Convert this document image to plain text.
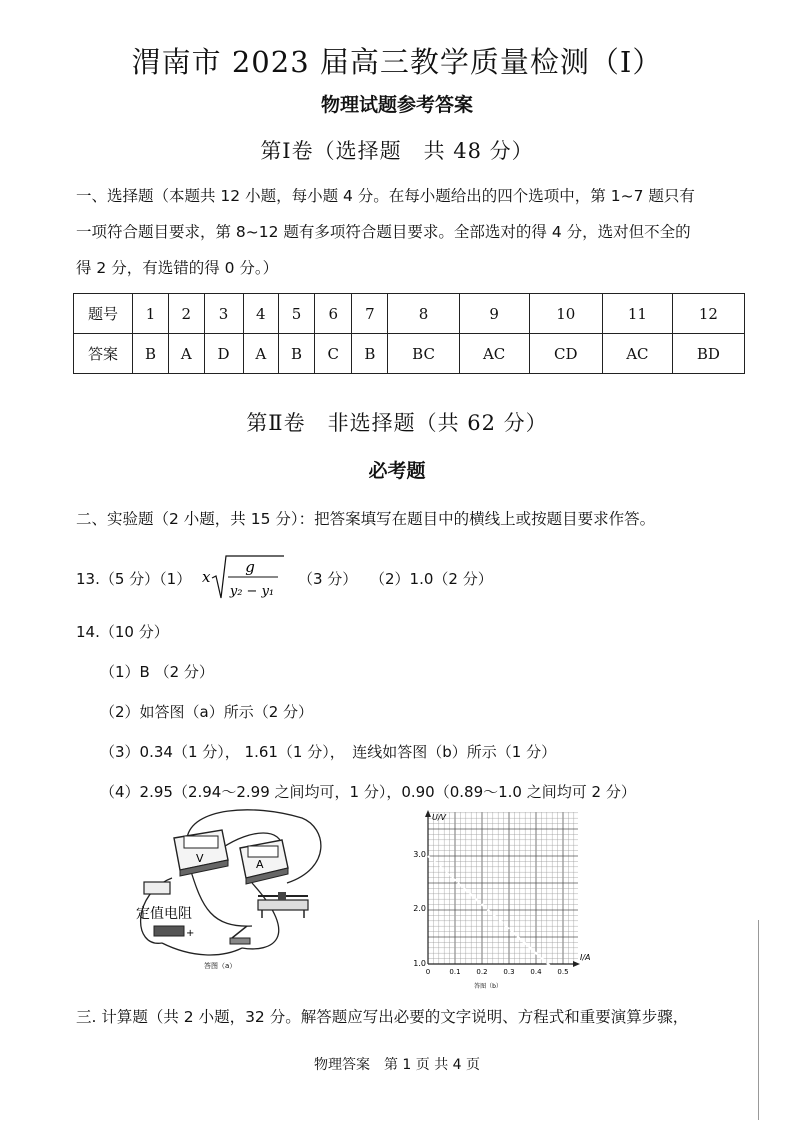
渭南市 2023 届高三教学质量检测（Ⅰ）
物理试题参考答案
第Ⅰ卷（选择题　共 48 分）
一、选择题（本题共 12 小题，每小题 4 分。在每小题给出的四个选项中，第 1~7 题只有
一项符合题目要求，第 8~12 题有多项符合题目要求。全部选对的得 4 分，选对但不全的
得 2 分，有选错的得 0 分。）
题号	1	2	3	4	5	6	7	8	9	10	11	12
答案	B	A	D	A	B	C	B	BC	AC	CD	AC	BD
第Ⅱ卷　非选择题（共 62 分）
必考题
二、实验题（2 小题，共 15 分）：把答案填写在题目中的横线上或按题目要求作答。
13.（5 分）（1） x
g
y₂ − y₁
（3 分） （2）1.0（2 分）
14.（10 分）
（1）B （2 分）
（2）如答图（a）所示（2 分）
（3）0.34（1 分）， 1.61（1 分），　连线如答图（b）所示（1 分）
（4）2.95（2.94～2.99 之间均可，1 分），0.90（0.89～1.0 之间均可 2 分）
V	A
定值电阻
+
答图（a）
U/V
I/A
3.0
2.0
1.0
0	0.1 0.2 0.3 0.4 0.5
答图（b）
三. 计算题（共 2 小题，32 分。解答题应写出必要的文字说明、方程式和重要演算步骤，
物理答案　第 1 页 共 4 页
